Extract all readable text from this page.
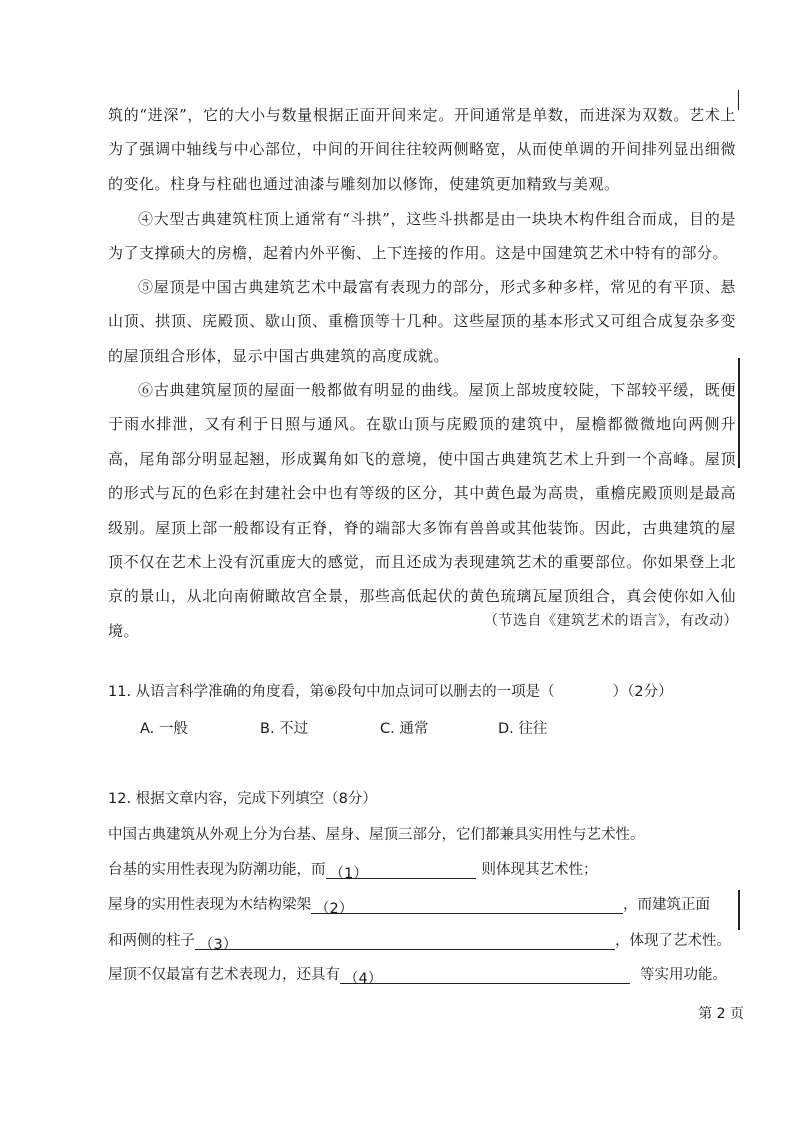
筑的“进深”，它的大小与数量根据正面开间来定。开间通常是单数，而进深为双数。艺术上为了强调中轴线与中心部位，中间的开间往往较两侧略宽，从而使单调的开间排列显出细微的变化。柱身与柱础也通过油漆与雕刻加以修饰，使建筑更加精致与美观。

④大型古典建筑柱顶上通常有“斗拱”，这些斗拱都是由一块块木构件组合而成，目的是为了支撑硕大的房檐，起着内外平衡、上下连接的作用。这是中国建筑艺术中特有的部分。

⑤屋顶是中国古典建筑艺术中最富有表现力的部分，形式多种多样，常见的有平顶、悬山顶、拱顶、庑殿顶、歇山顶、重檐顶等十几种。这些屋顶的基本形式又可组合成复杂多变的屋顶组合形体，显示中国古典建筑的高度成就。

⑥古典建筑屋顶的屋面一般都做有明显的曲线。屋顶上部坡度较陡，下部较平缓，既便于雨水排泄，又有利于日照与通风。在歇山顶与庑殿顶的建筑中，屋檐都微微地向两侧升高，尾角部分明显起翘，形成翼角如飞的意境，使中国古典建筑艺术上升到一个高峰。屋顶的形式与瓦的色彩在封建社会中也有等级的区分，其中黄色最为高贵，重檐庑殿顶则是最高级别。屋顶上部一般都设有正脊，脊的端部大多饰有兽兽或其他装饰。因此，古典建筑的屋顶不仅在艺术上没有沉重庞大的感觉，而且还成为表现建筑艺术的重要部位。你如果登上北京的景山，从北向南俯瞰故宫全景，那些高低起伏的黄色琉璃瓦屋顶组合，真会使你如入仙境。

（节选自《建筑艺术的语言》，有改动）

11. 从语言科学准确的角度看，第⑥段句中加点词可以删去的一项是（　　　　）（2分）

A. 一般	B. 不过	C. 通常	D. 往往

12. 根据文章内容，完成下列填空（8分）

中国古典建筑从外观上分为台基、屋身、屋顶三部分，它们都兼具实用性与艺术性。
台基的实用性表现为防潮功能，而 （1）	则体现其艺术性；
屋身的实用性表现为木结构梁架 （2）	，而建筑正面
和两侧的柱子 （3）	，体现了艺术性。
屋顶不仅最富有艺术表现力，还具有 （4）	等实用功能。
第 2 页
